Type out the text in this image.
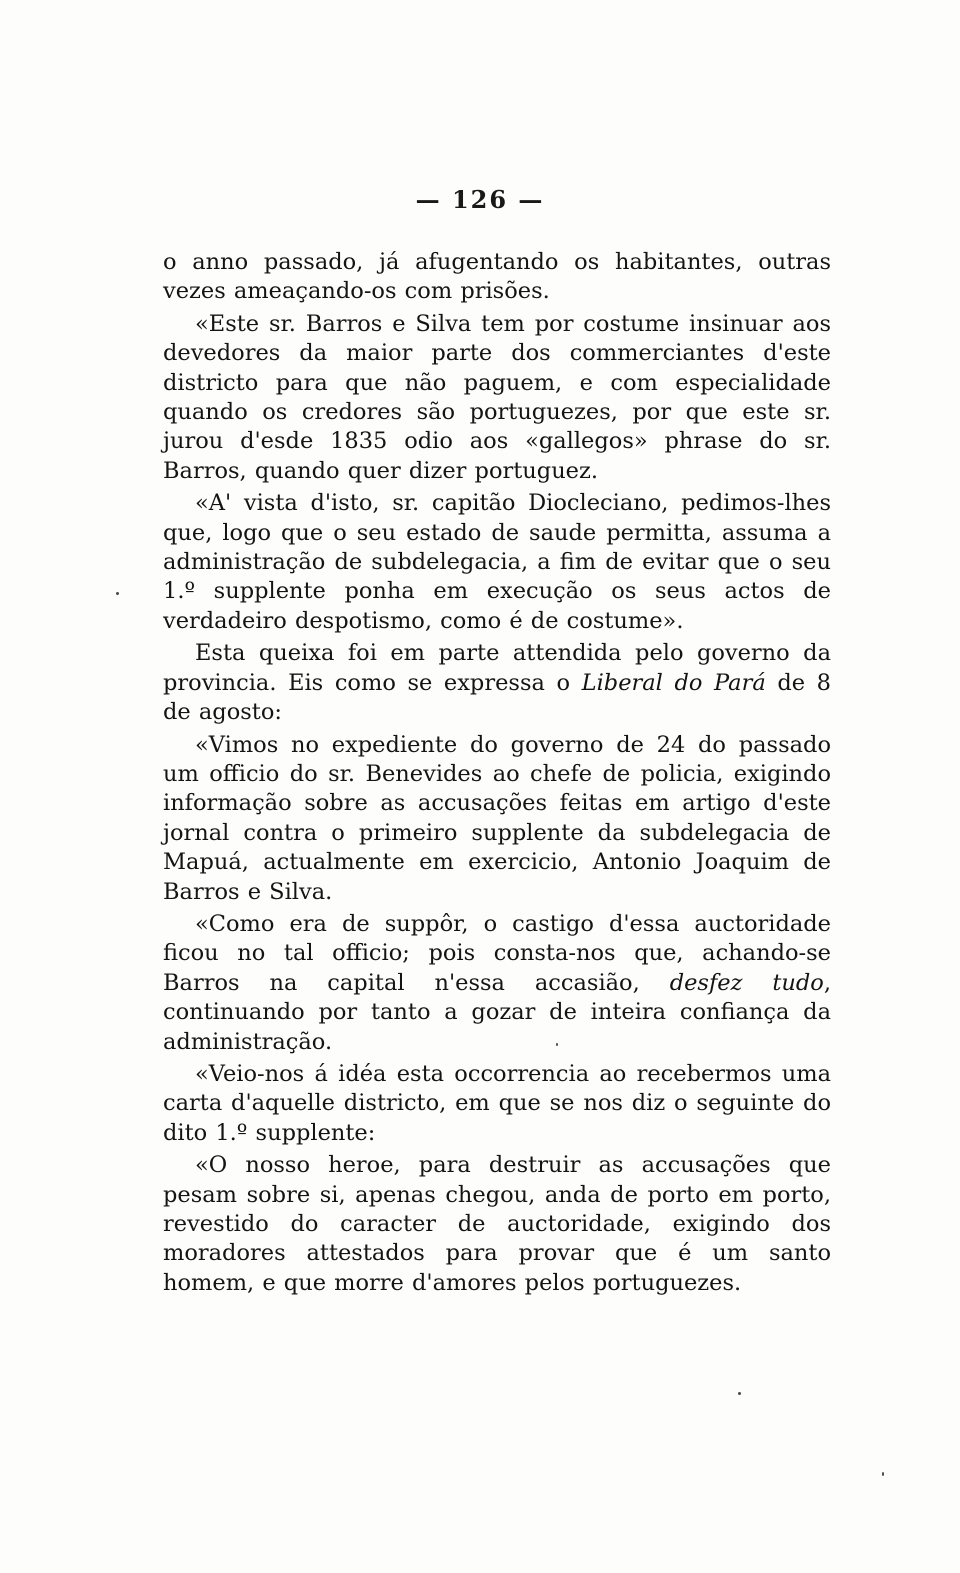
— 126 —

o anno passado, já afugentando os habitantes, outras vezes ameaçando-os com prisões.

«Este sr. Barros e Silva tem por costume insinuar aos devedores da maior parte dos commerciantes d'este districto para que não paguem, e com especialidade quando os credores são portuguezes, por que este sr. jurou d'esde 1835 odio aos «gallegos» phrase do sr. Barros, quando quer dizer portuguez.

«A' vista d'isto, sr. capitão Diocleciano, pedimos-lhes que, logo que o seu estado de saude permitta, assuma a administração de subdelegacia, a fim de evitar que o seu 1.º supplente ponha em execução os seus actos de verdadeiro despotismo, como é de costume».

Esta queixa foi em parte attendida pelo governo da provincia. Eis como se expressa o Liberal do Pará de 8 de agosto:

«Vimos no expediente do governo de 24 do passado um officio do sr. Benevides ao chefe de policia, exigindo informação sobre as accusações feitas em artigo d'este jornal contra o primeiro supplente da subdelegacia de Mapuá, actualmente em exercicio, Antonio Joaquim de Barros e Silva.

«Como era de suppôr, o castigo d'essa auctoridade ficou no tal officio; pois consta-nos que, achando-se Barros na capital n'essa accasião, desfez tudo, continuando por tanto a gozar de inteira confiança da administração.

«Veio-nos á idéa esta occorrencia ao recebermos uma carta d'aquelle districto, em que se nos diz o seguinte do dito 1.º supplente:

«O nosso heroe, para destruir as accusações que pesam sobre si, apenas chegou, anda de porto em porto, revestido do caracter de auctoridade, exigindo dos moradores attestados para provar que é um santo homem, e que morre d'amores pelos portuguezes.
